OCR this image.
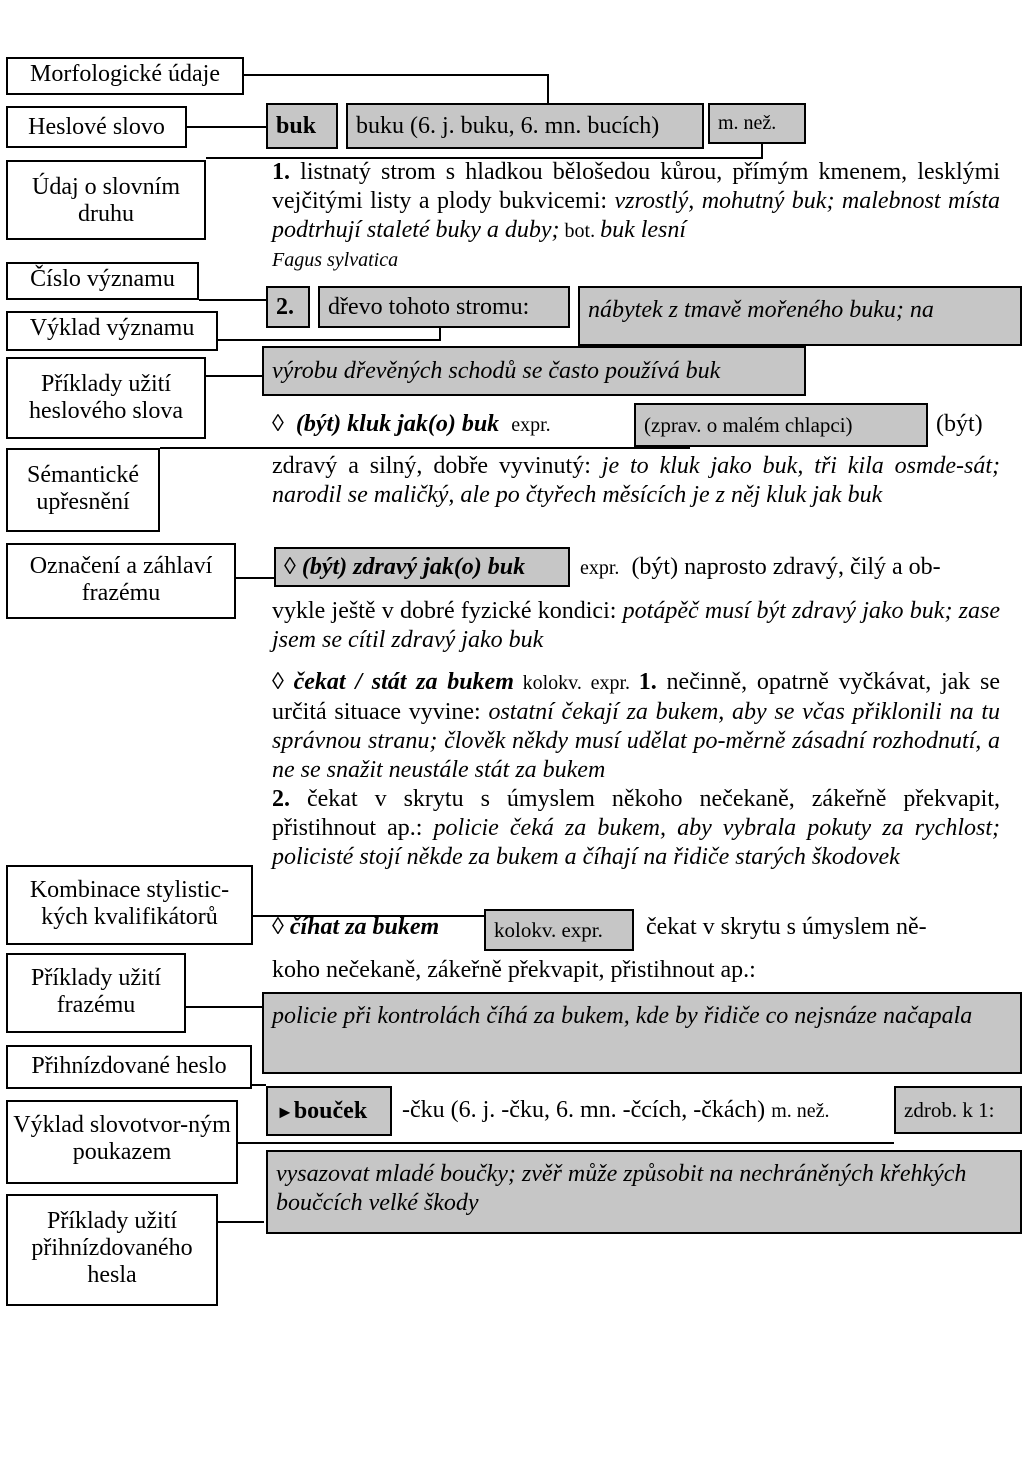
Morfologické údaje
Heslové slovo
Údaj o slovním druhu
Číslo významu
Výklad významu
Příklady užití heslového slova
Sémantické upřesnění
Označení a záhlaví frazému
Kombinace stylistic-kých kvalifikátorů
Příklady užití frazému
Přihnízdované heslo
Výklad slovotvor-ným poukazem
Příklady užití přihnízdovaného hesla
buk	buku (6. j. buku, 6. mn. bucích)	m. než.
1. listnatý strom s hladkou bělošedou kůrou, přímým kmenem, lesklými vejčitými listy a plody bukvicemi: vzrostlý, mohutný buk; malebnost místa podtrhují staleté buky a duby; bot. buk lesní
Fagus sylvatica
2.	dřevo tohoto stromu:	nábytek z tmavě mořeného buku; na
výrobu dřevěných schodů se často používá buk
◊ (být) kluk jak(o) buk expr.	(zprav. o malém chlapci)	(být)
zdravý a silný, dobře vyvinutý: je to kluk jako buk, tři kila osmde-sát; narodil se maličký, ale po čtyřech měsících je z něj kluk jak buk
◊ (být) zdravý jak(o) buk	expr. (být) naprosto zdravý, čilý a ob-
vykle ještě v dobré fyzické kondici: potápěč musí být zdravý jako buk; zase jsem se cítil zdravý jako buk
◊ čekat / stát za bukem kolokv. expr. 1. nečinně, opatrně vyčkávat, jak se určitá situace vyvine: ostatní čekají za bukem, aby se včas přiklonili na tu správnou stranu; člověk někdy musí udělat po-měrně zásadní rozhodnutí, a ne se snažit neustále stát za bukem
2. čekat v skrytu s úmyslem někoho nečekaně, zákeřně překvapit, přistihnout ap.: policie čeká za bukem, aby vybrala pokuty za rychlost; policisté stojí někde za bukem a číhají na řidiče starých škodovek
◊ číhat za bukem	kolokv. expr.	čekat v skrytu s úmyslem ně-
koho nečekaně, zákeřně překvapit, přistihnout ap.:
policie při kontrolách číhá za bukem, kde by řidiče co nejsnáze načapala
►bouček	-čku (6. j. -čku, 6. mn. -čcích, -čkách) m. než.	zdrob. k 1:
vysazovat mladé boučky; zvěř může způsobit na nechráněných křehkých boučcích velké škody
